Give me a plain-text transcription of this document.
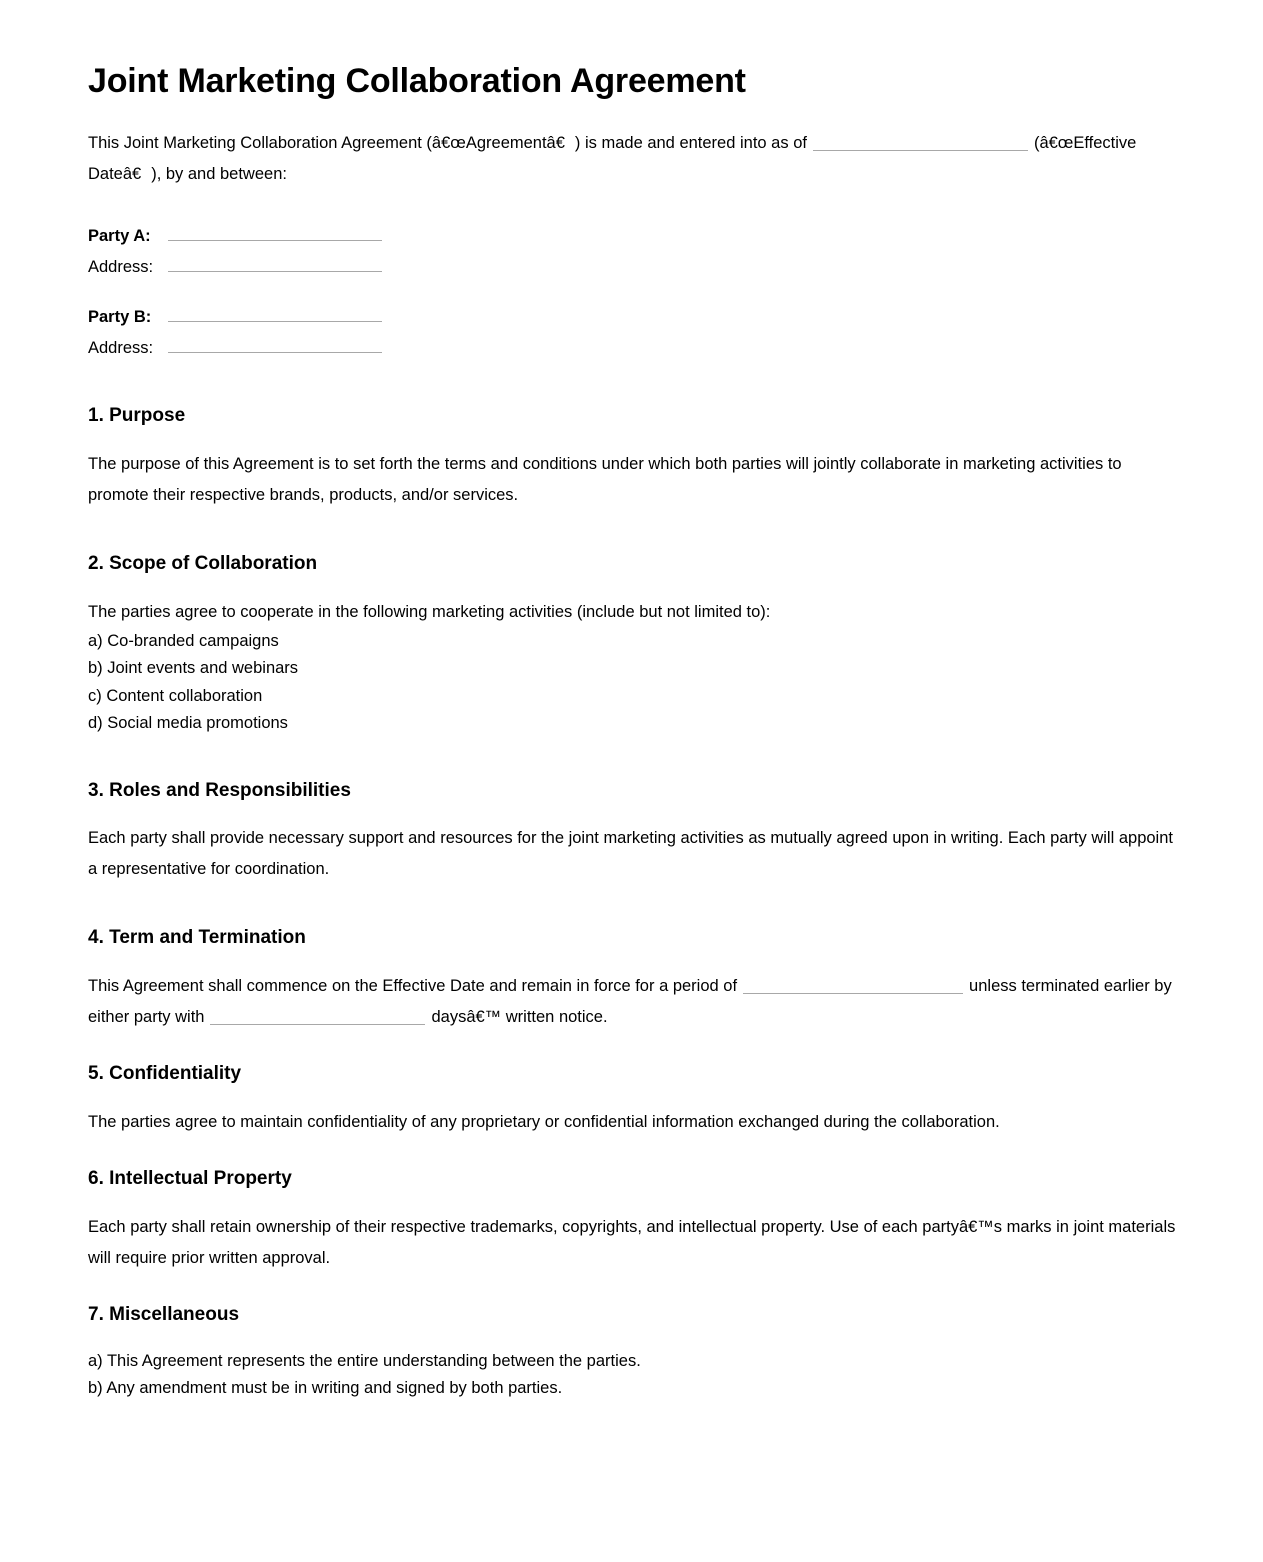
Joint Marketing Collaboration Agreement

This Joint Marketing Collaboration Agreement (â€œAgreementâ€) is made and entered into as of	(â€œEffective Dateâ€), by and between:

Party A:
Address:
Party B:
Address:
1. Purpose

The purpose of this Agreement is to set forth the terms and conditions under which both parties will jointly collaborate in marketing activities to promote their respective brands, products, and/or services.

2. Scope of Collaboration

The parties agree to cooperate in the following marketing activities (include but not limited to):

a) Co-branded campaigns
b) Joint events and webinars
c) Content collaboration
d) Social media promotions
3. Roles and Responsibilities

Each party shall provide necessary support and resources for the joint marketing activities as mutually agreed upon in writing. Each party will appoint a representative for coordination.

4. Term and Termination

This Agreement shall commence on the Effective Date and remain in force for a period of	unless terminated earlier by either party with	daysâ€™ written notice.

5. Confidentiality

The parties agree to maintain confidentiality of any proprietary or confidential information exchanged during the collaboration.

6. Intellectual Property

Each party shall retain ownership of their respective trademarks, copyrights, and intellectual property. Use of each partyâ€™s marks in joint materials will require prior written approval.

7. Miscellaneous
a) This Agreement represents the entire understanding between the parties.
b) Any amendment must be in writing and signed by both parties.
